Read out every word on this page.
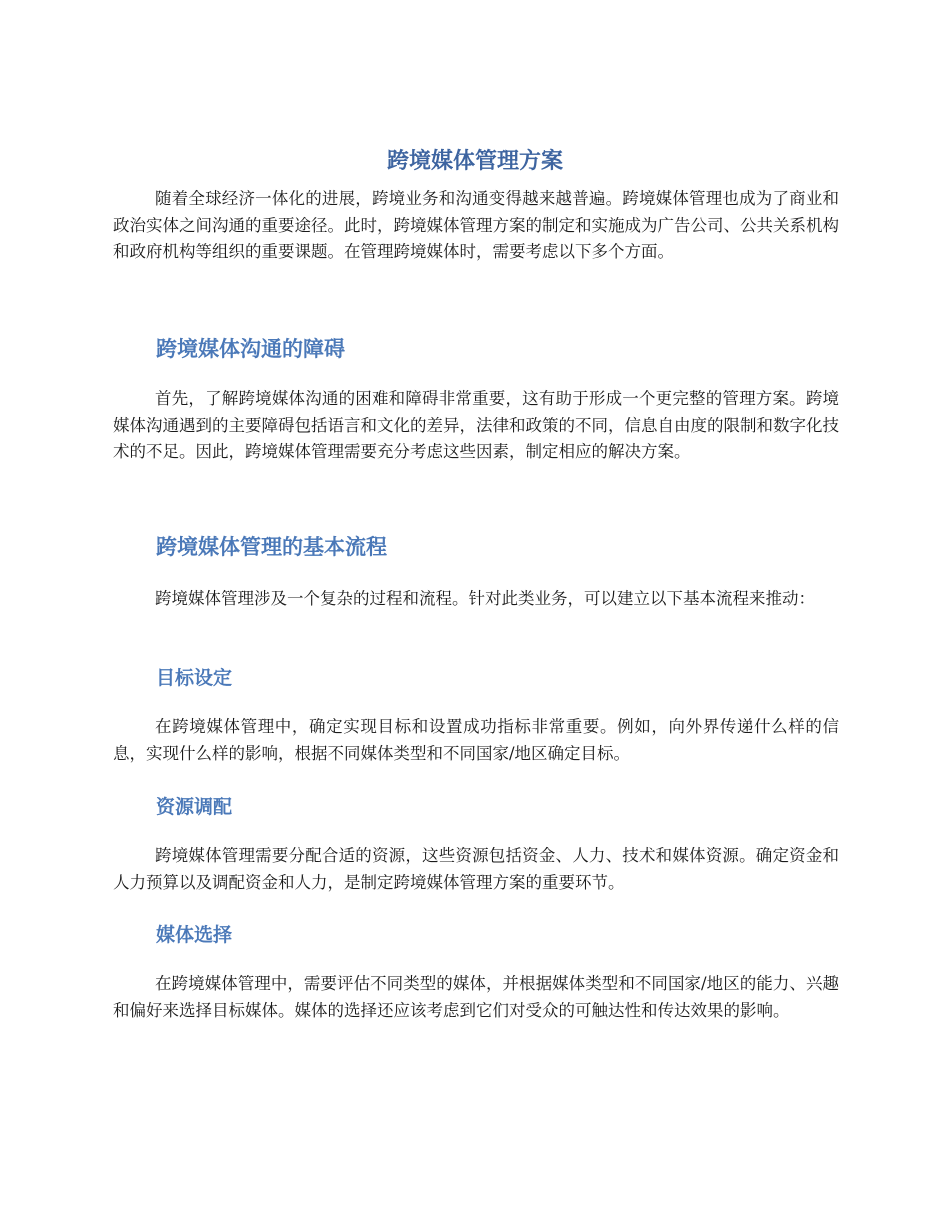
跨境媒体管理方案

随着全球经济一体化的进展，跨境业务和沟通变得越来越普遍。跨境媒体管理也成为了商业和政治实体之间沟通的重要途径。此时，跨境媒体管理方案的制定和实施成为广告公司、公共关系机构和政府机构等组织的重要课题。在管理跨境媒体时，需要考虑以下多个方面。

跨境媒体沟通的障碍

首先，了解跨境媒体沟通的困难和障碍非常重要，这有助于形成一个更完整的管理方案。跨境媒体沟通遇到的主要障碍包括语言和文化的差异，法律和政策的不同，信息自由度的限制和数字化技术的不足。因此，跨境媒体管理需要充分考虑这些因素，制定相应的解决方案。

跨境媒体管理的基本流程

跨境媒体管理涉及一个复杂的过程和流程。针对此类业务，可以建立以下基本流程来推动：

目标设定

在跨境媒体管理中，确定实现目标和设置成功指标非常重要。例如，向外界传递什么样的信息，实现什么样的影响，根据不同媒体类型和不同国家/地区确定目标。

资源调配

跨境媒体管理需要分配合适的资源，这些资源包括资金、人力、技术和媒体资源。确定资金和人力预算以及调配资金和人力，是制定跨境媒体管理方案的重要环节。

媒体选择

在跨境媒体管理中，需要评估不同类型的媒体，并根据媒体类型和不同国家/地区的能力、兴趣和偏好来选择目标媒体。媒体的选择还应该考虑到它们对受众的可触达性和传达效果的影响。
